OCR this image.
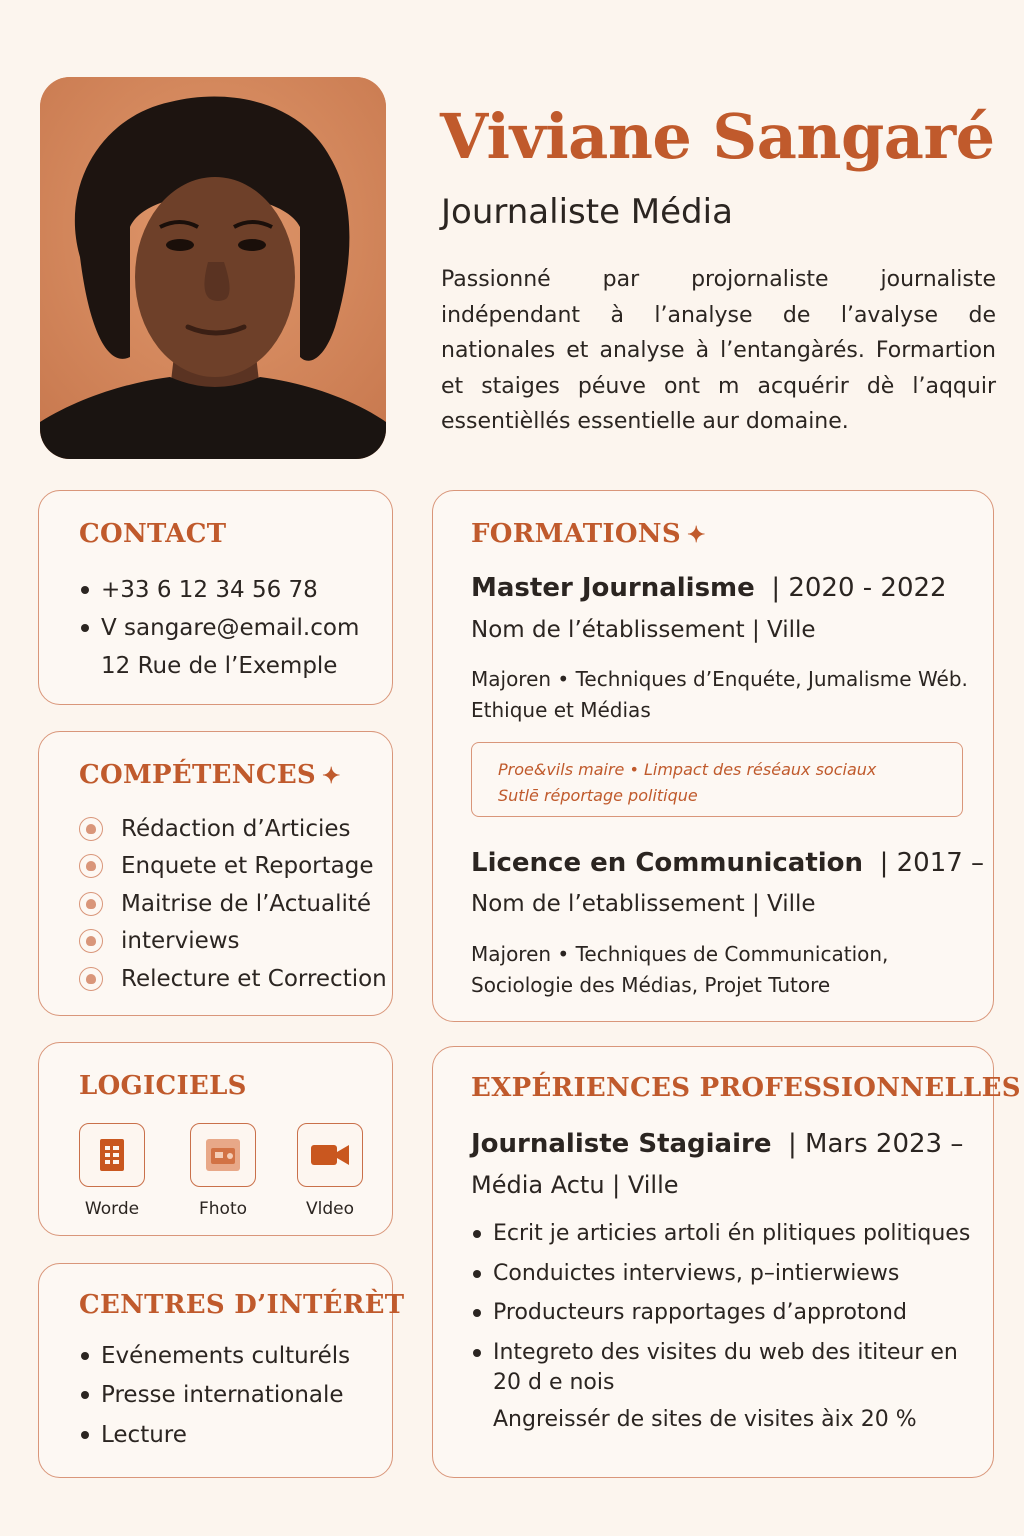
Viviane Sangaré
Journaliste Média

Passionné par projornaliste journaliste indépendant à l’analyse de l’avalyse de nationales et analyse à l’entangàrés. Formartion et staiges péuve ont m acquérir dè l’aqquir essentièllés essentielle aur domaine.

CONTACT
+33 6 12 34 56 78
ᐯ sangare@email.com
12 Rue de l’Exemple
COMPÉTENCES ✦
Rédaction d’Articies
Enquete et Reportage
Maitrise de l’Actualité
interviews
Relecture et Correction
LOGICIELS
Worde	Fhoto	Vldeo
CENTRES D’INTÉRÈT
Evénements culturéls
Presse internationale
Lecture
FORMATIONS ✦
Master Journalisme | 2020 - 2022
Nom de l’établissement | Ville
Majoren • Techniques d’Enquéte, Jumalisme Wéb. Ethique et Médias
Proe&vils maire • Limpact des réséaux sociaux
Sutlē réportage politique
Licence en Communication | 2017 –
Nom de l’etablissement | Ville
Majoren • Techniques de Communication, Sociologie des Médias, Projet Tutore
EXPÉRIENCES PROFESSIONNELLES
Journaliste Stagiaire | Mars 2023 –
Média Actu | Ville
Ecrit je articies artoli én plitiques politiques
Conduictes interviews, p–intierwiews
Producteurs rapportages d’approtond
Integreto des visites du web des ititeur en 20 d e nois
Angreissér de sites de visites àix 20 %
